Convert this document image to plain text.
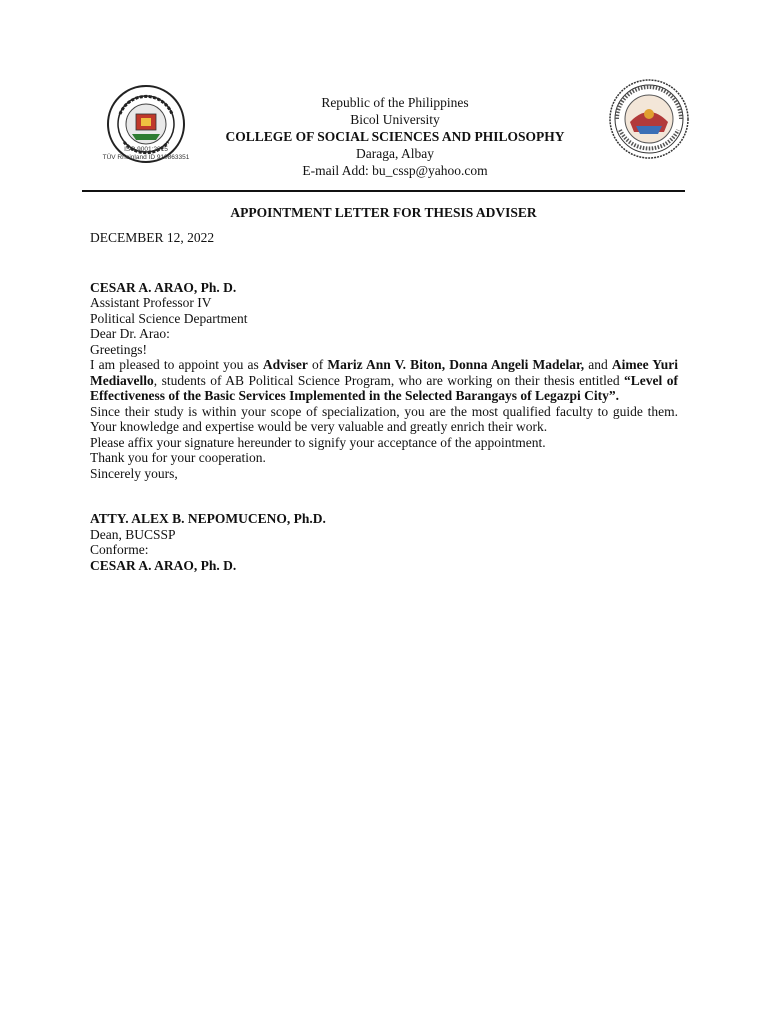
ISO 9001:2015
TÜV Rheinland ID 910863351
Republic of the Philippines
Bicol University
COLLEGE OF SOCIAL SCIENCES AND PHILOSOPHY
Daraga, Albay
E-mail Add: bu_cssp@yahoo.com
APPOINTMENT LETTER FOR THESIS ADVISER

DECEMBER 12, 2022

CESAR A. ARAO, Ph. D.

Assistant Professor IV

Political Science Department

Dear Dr. Arao:

Greetings!

I am pleased to appoint you as Adviser of Mariz Ann V. Biton, Donna Angeli Madelar, and Aimee Yuri Mediavello, students of AB Political Science Program, who are working on their thesis entitled “Level of Effectiveness of the Basic Services Implemented in the Selected Barangays of Legazpi City”.

Since their study is within your scope of specialization, you are the most qualified faculty to guide them. Your knowledge and expertise would be very valuable and greatly enrich their work.

Please affix your signature hereunder to signify your acceptance of the appointment.

Thank you for your cooperation.

Sincerely yours,

ATTY. ALEX B. NEPOMUCENO, Ph.D.

Dean, BUCSSP

Conforme:

CESAR A. ARAO, Ph. D.
